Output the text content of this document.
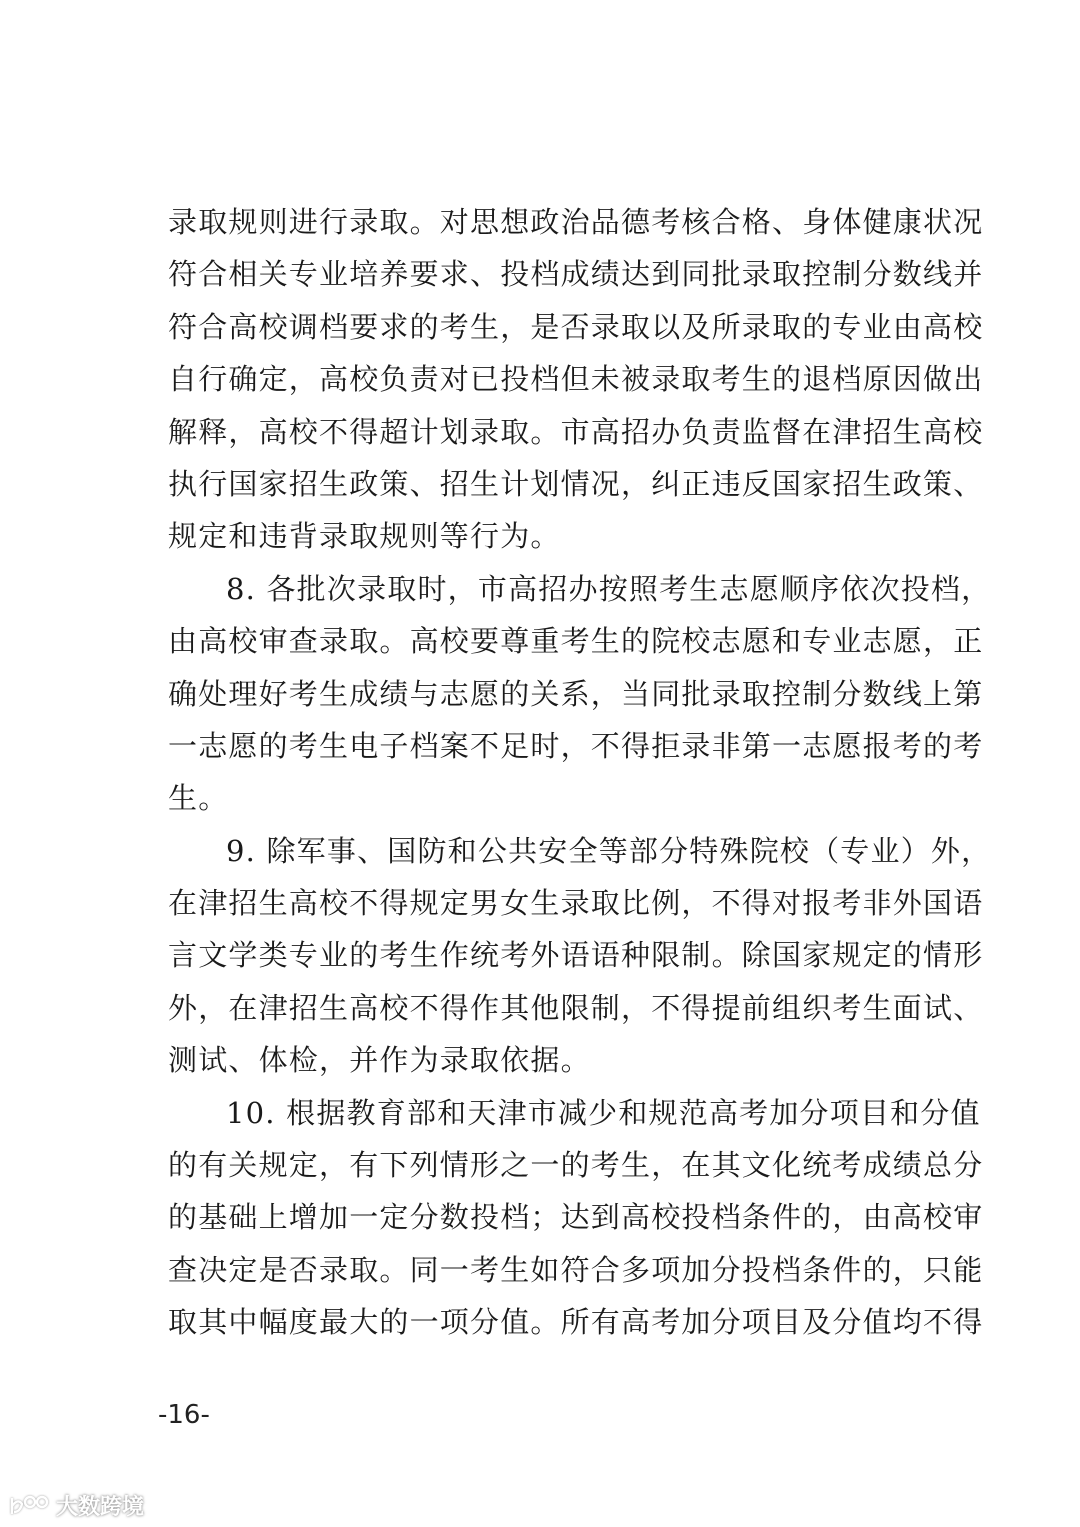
录取规则进行录取。对思想政治品德考核合格、身体健康状况
符合相关专业培养要求、投档成绩达到同批录取控制分数线并
符合高校调档要求的考生，是否录取以及所录取的专业由高校
自行确定，高校负责对已投档但未被录取考生的退档原因做出
解释，高校不得超计划录取。市高招办负责监督在津招生高校
执行国家招生政策、招生计划情况，纠正违反国家招生政策、
规定和违背录取规则等行为。
8. 各批次录取时，市高招办按照考生志愿顺序依次投档，
由高校审查录取。高校要尊重考生的院校志愿和专业志愿，正
确处理好考生成绩与志愿的关系，当同批录取控制分数线上第
一志愿的考生电子档案不足时，不得拒录非第一志愿报考的考
生。
9. 除军事、国防和公共安全等部分特殊院校（专业）外，
在津招生高校不得规定男女生录取比例，不得对报考非外国语
言文学类专业的考生作统考外语语种限制。除国家规定的情形
外，在津招生高校不得作其他限制，不得提前组织考生面试、
测试、体检，并作为录取依据。
10. 根据教育部和天津市减少和规范高考加分项目和分值
的有关规定，有下列情形之一的考生，在其文化统考成绩总分
的基础上增加一定分数投档；达到高校投档条件的，由高校审
查决定是否录取。同一考生如符合多项加分投档条件的，只能
取其中幅度最大的一项分值。所有高考加分项目及分值均不得
-16-
大数跨境
